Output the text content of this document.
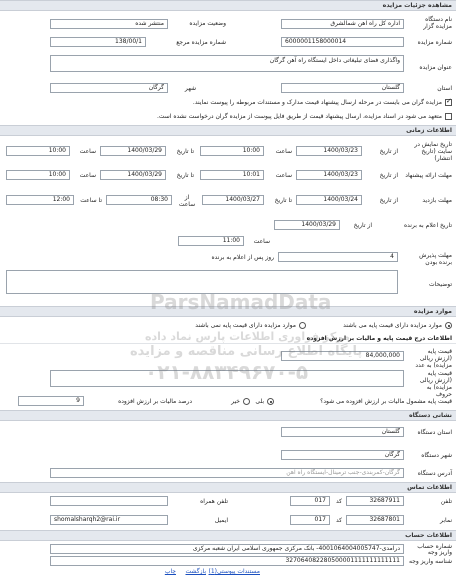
مشاهده جزئیات مزایده
نام دستگاه مزایده گزار
اداره کل راه آهن شمالشرق
وضعیت مزایده
منتشر شده
شماره مزایده
6000001158000014
شماره مزایده مرجع
138/00/1
عنوان مزایده
واگذاری فضای تبلیغاتی داخل ایستگاه راه آهن گرگان
استان
گلستان
شهر
گرگان
✓
مزایده گران می بایست در مرحله ارسال پیشنهاد قیمت مدارک و مستندات مربوطه را پیوست نمایند.
متعهد می شود در اسناد مزایده، ارسال پیشنهاد قیمت از طریق فایل پیوست از مزایده گران درخواست نشده است.
اطلاعات زمانی
تاریخ نمایش در سایت (تاریخ انتشار)
از تاریخ
1400/03/23
ساعت
10:00
تا تاریخ
1400/03/29
ساعت
10:00
مهلت ارائه پیشنهاد
از تاریخ
1400/03/23
ساعت
10:01
تا تاریخ
1400/03/29
ساعت
10:00
مهلت بازدید
از تاریخ
1400/03/24
تا تاریخ
1400/03/27
از ساعت
08:30
تا ساعت
12:00
تاریخ اعلام به برنده
از تاریخ
1400/03/29
ساعت
11:00
مهلت پذیرش برنده بودن
4
روز پس از اعلام به برنده
توضیحات
موارد مزایده
موارد مزایده دارای قیمت پایه می باشند
موارد مزایده دارای قیمت پایه نمی باشند
اطلاعات درج قیمت پایه و مالیات بر ارزش افزوده
قیمت پایه (ارزش ریالی مزایده) به عدد
84,000,000
قیمت پایه (ارزش ریالی مزایده) به حروف
قیمت پایه مشمول مالیات بر ارزش افزوده می شود؟
بلی
خیر
درصد مالیات بر ارزش افزوده
9
نشانی دستگاه
استان دستگاه
گلستان
شهر دستگاه
گرگان
آدرس دستگاه
گرگان-کمربندی-جنب ترمینال-ایستگاه راه آهن
اطلاعات تماس
تلفن
32687911
کد
017
تلفن همراه
نمابر
32687801
کد
017
ایمیل
shomalsharqh2@rai.ir
اطلاعات حساب
شماره حساب واریز وجه
درآمدی-4001064004005747- بانک مرکزی جمهوری اسلامی ایران شعبه مرکزی
شناسه واریز وجه
327064082280500001111111111111
مستندات پیوستی(1)
بازگشت
چاپ
ParsNamadData
مرکز فراوری اطلاعات پارس نماد داده
پایگاه اطلاع رسانی مناقصه و مزایده
۰۲۱-۸۸۳۴۹۶۷۰-۵
